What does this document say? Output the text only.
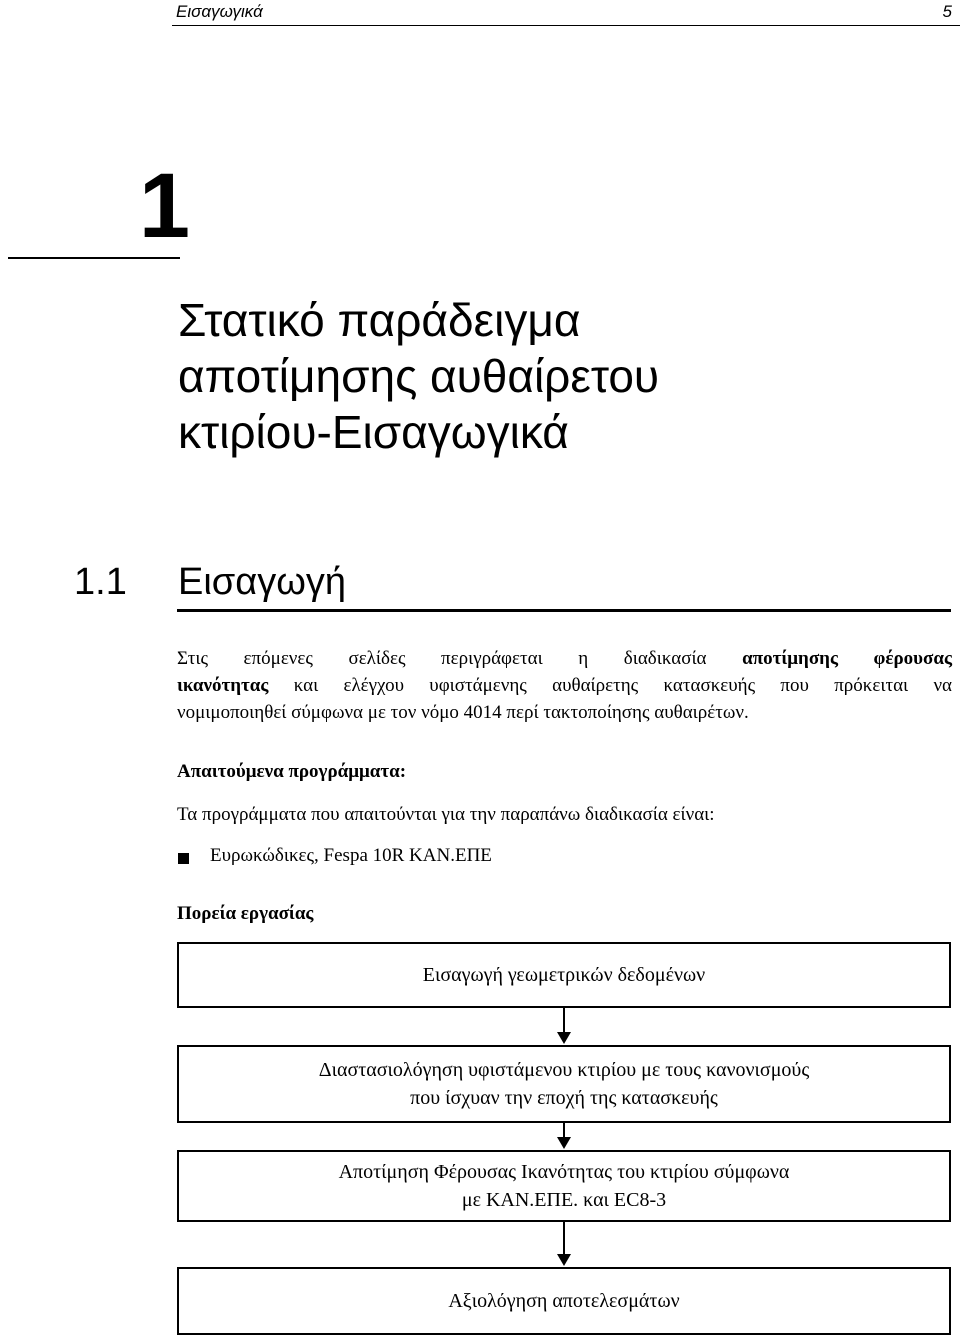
Εισαγωγικά	5
1
Στατικό παράδειγμα
αποτίμησης αυθαίρετου
κτιρίου-Εισαγωγικά
1.1 Εισαγωγή
Στις επόμενες σελίδες περιγράφεται η διαδικασία αποτίμησης φέρουσας
ικανότητας και ελέγχου υφιστάμενης αυθαίρετης κατασκευής που πρόκειται να
νομιμοποιηθεί σύμφωνα με τον νόμο 4014 περί τακτοποίησης αυθαιρέτων.
Απαιτούμενα προγράμματα:
Τα προγράμματα που απαιτούνται για την παραπάνω διαδικασία είναι:
Ευρωκώδικες, Fespa 10R KAN.ΕΠΕ
Πορεία εργασίας
Εισαγωγή γεωμετρικών δεδομένων
Διαστασιολόγηση υφιστάμενου κτιρίου με τους κανονισμούς
που ίσχυαν την εποχή της κατασκευής
Αποτίμηση Φέρουσας Ικανότητας του κτιρίου σύμφωνα
με ΚΑΝ.ΕΠΕ. και EC8-3
Αξιολόγηση αποτελεσμάτων
